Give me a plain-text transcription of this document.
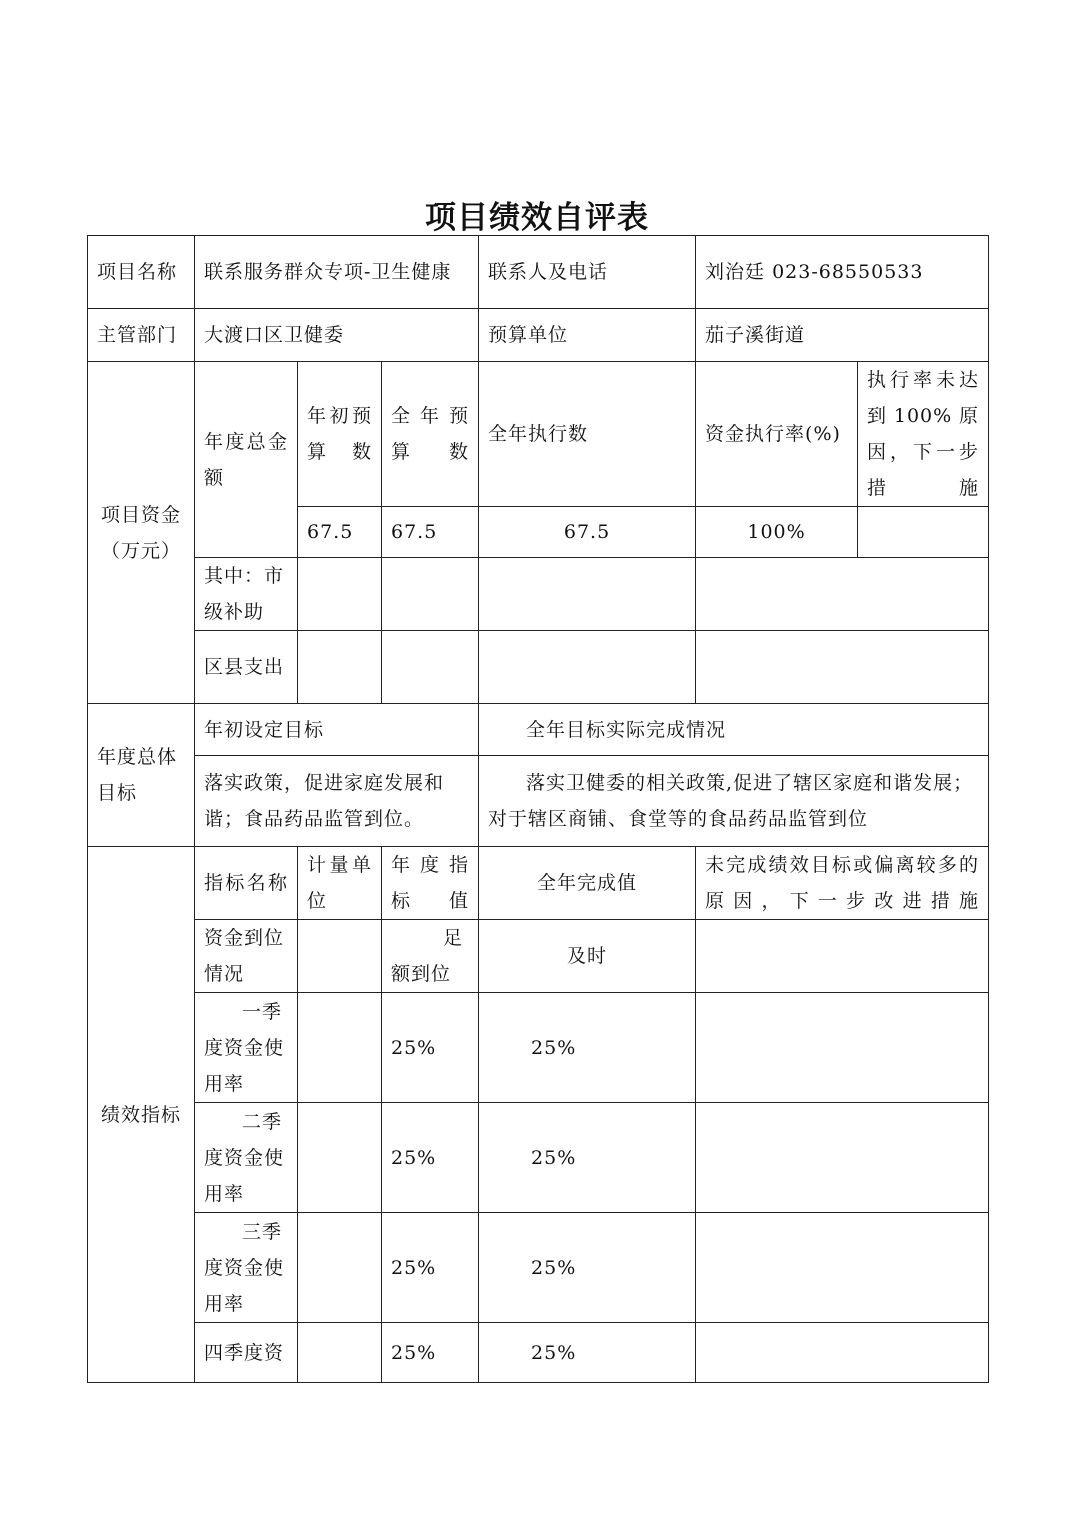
项目绩效自评表
项目名称	联系服务群众专项-卫生健康			联系人及电话	刘治廷 023-68550533	
主管部门	大渡口区卫健委			预算单位	茄子溪街道	
项目资金（万元）	年度总金额	年初预算数	全年预算数	全年执行数	资金执行率(%)	执行率未达到100%原因，下一步措施
		67.5	67.5	67.5	100%	
	其中：市级补助					
	区县支出					
年度总体目标	年初设定目标			全年目标实际完成情况		
	落实政策，促进家庭发展和谐；食品药品监管到位。			落实卫健委的相关政策,促进了辖区家庭和谐发展；对于辖区商铺、食堂等的食品药品监管到位		
绩效指标	指标名称	计量单位	年度指标值	全年完成值	未完成绩效目标或偏离较多的原因，下一步改进措施	
	资金到位情况		足额到位	及时		
	一季度资金使用率		25%	25%		
	二季度资金使用率		25%	25%		
	三季度资金使用率		25%	25%		
	四季度资		25%	25%		
